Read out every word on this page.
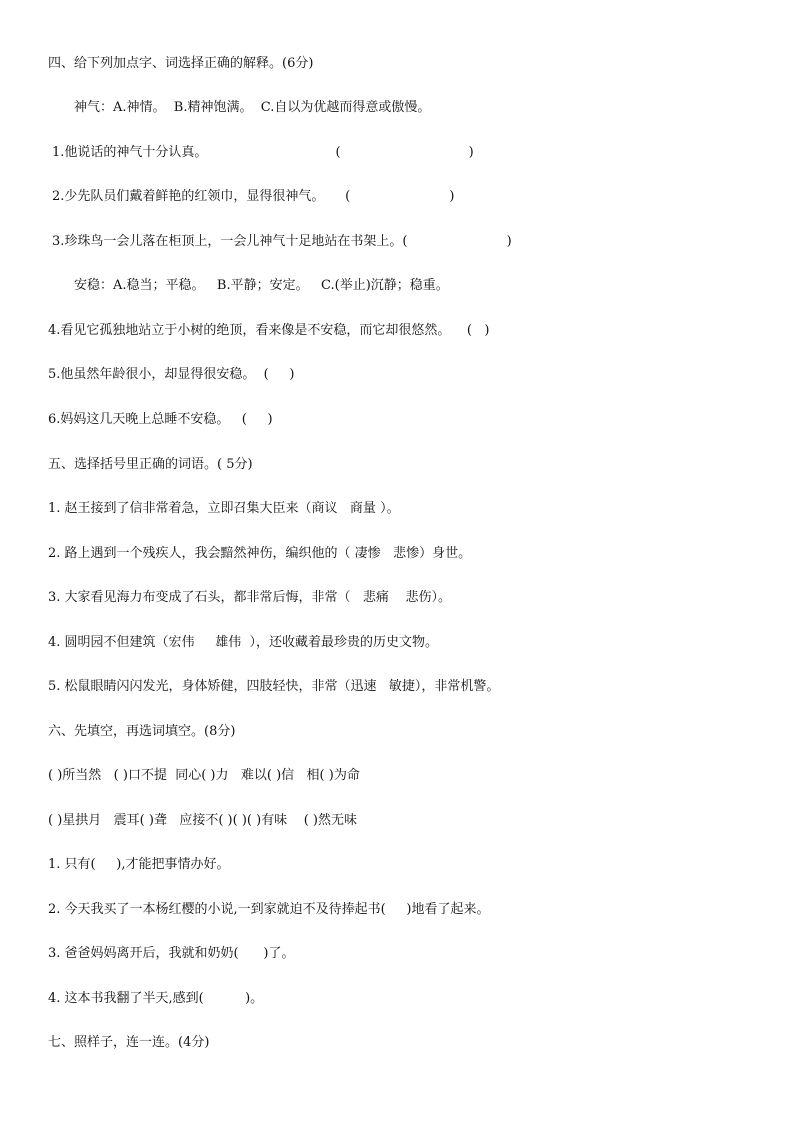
四、给下列加点字、词选择正确的解释。(6分)
神气：A.神情。  B.精神饱满。  C.自以为优越而得意或傲慢。
1.他说话的神气十分认真。                               (                               )
2.少先队员们戴着鲜艳的红领巾，显得很神气。     (                        )
3.珍珠鸟一会儿落在柜顶上，一会儿神气十足地站在书架上。(                        )
安稳：A.稳当；平稳。   B.平静；安定。   C.(举止)沉静；稳重。
4.看见它孤独地站立于小树的绝顶，看来像是不安稳，而它却很悠然。    (   )
5.他虽然年龄很小，却显得很安稳。  (     )
6.妈妈这几天晚上总睡不安稳。   (     )
五、选择括号里正确的词语。( 5分)
1. 赵王接到了信非常着急，立即召集大臣来（商议   商量 ）。
2. 路上遇到一个残疾人，我会黯然神伤，编织他的（ 凄惨   悲惨）身世。
3. 大家看见海力布变成了石头，都非常后悔，非常（   悲痛    悲伤）。
4. 圆明园不但建筑（宏伟     雄伟  ），还收藏着最珍贵的历史文物。
5. 松鼠眼睛闪闪发光，身体矫健，四肢轻快，非常（迅速   敏捷），非常机警。
六、先填空，再选词填空。(8分)
( )所当然   ( )口不提  同心( )力   难以( )信   相( )为命
( )星拱月   震耳( )聋   应接不( )( )( )有味    ( )然无味
1. 只有(     ),才能把事情办好。
2. 今天我买了一本杨红樱的小说,一到家就迫不及待捧起书(     )地看了起来。
3. 爸爸妈妈离开后，我就和奶奶(      )了。
4. 这本书我翻了半天,感到(          )。
七、照样子，连一连。(4分)
